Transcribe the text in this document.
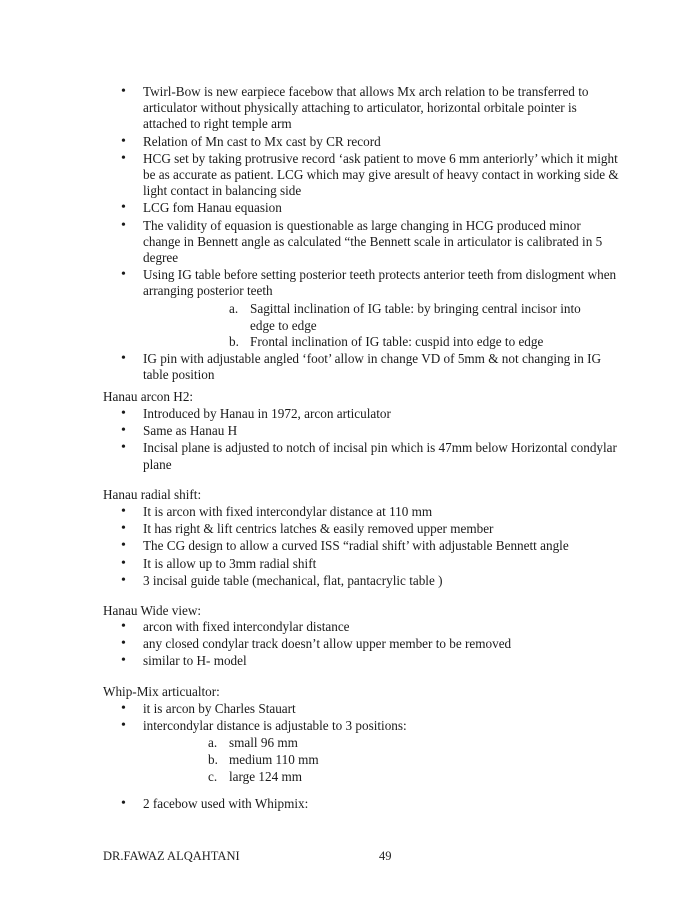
• Twirl-Bow is new earpiece facebow that allows Mx arch relation to be transferred to articulator without physically attaching to articulator, horizontal orbitale pointer is attached to right temple arm
• Relation of Mn cast to Mx cast by CR record
• HCG set by taking protrusive record ‘ask patient to move 6 mm anteriorly’ which it might be as accurate as patient. LCG which may give aresult of heavy contact in working side & light contact in balancing side
• LCG fom Hanau equasion
• The validity of equasion is questionable as large changing in HCG produced minor change in Bennett angle as calculated “the Bennett scale in articulator is calibrated in 5 degree
• Using IG table before setting posterior teeth protects anterior teeth from dislogment when arranging posterior teeth
a. Sagittal inclination of IG table: by bringing central incisor into
edge to edge
b. Frontal inclination of IG table: cuspid into edge to edge
• IG pin with adjustable angled ‘foot’ allow in change VD of 5mm & not changing in IG table position
Hanau arcon H2:
• Introduced by Hanau in 1972, arcon articulator
• Same as Hanau H
• Incisal plane is adjusted to notch of incisal pin which is 47mm below Horizontal condylar plane
Hanau radial shift:
• It is arcon with fixed intercondylar distance at 110 mm
• It has right & lift centrics latches & easily removed upper member
• The CG design to allow a curved ISS “radial shift’ with adjustable Bennett angle
• It is allow up to 3mm radial shift
• 3 incisal guide table (mechanical, flat, pantacrylic table )
Hanau Wide view:
• arcon with fixed intercondylar distance
• any closed condylar track doesn’t allow upper member to be removed
• similar to H- model
Whip-Mix articualtor:
• it is arcon by Charles Stauart
• intercondylar distance is adjustable to 3 positions:
a. small 96 mm
b. medium 110 mm
c. large 124 mm
• 2 facebow used with Whipmix:
DR.FAWAZ ALQAHTANI	49
